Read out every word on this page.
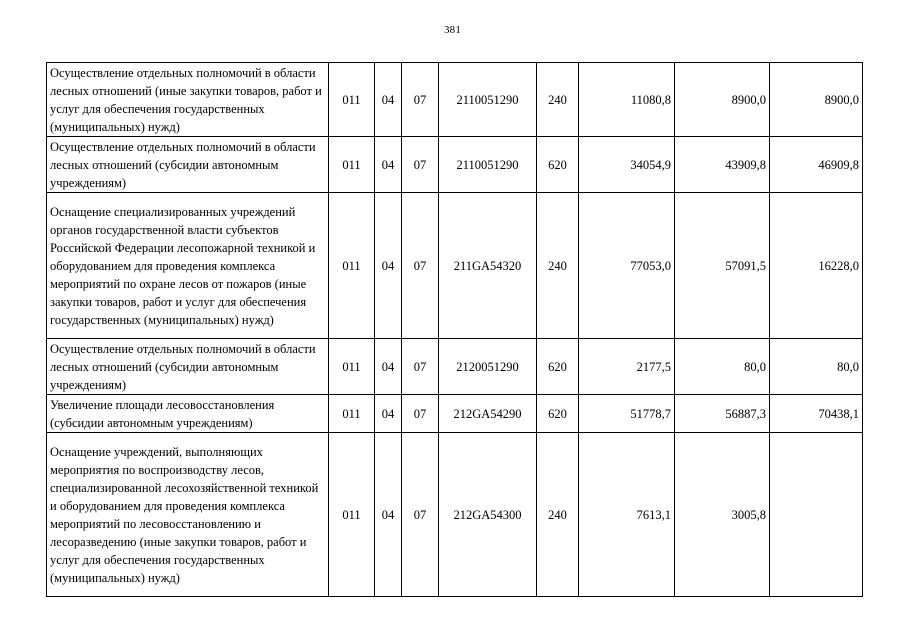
381
Осуществление отдельных полномочий в области лесных отношений (иные закупки товаров, работ и услуг для обеспечения государственных (муниципальных) нужд)	011	04	07	2110051290	240	11080,8	8900,0	8900,0
Осуществление отдельных полномочий в области лесных отношений (субсидии автономным учреждениям)	011	04	07	2110051290	620	34054,9	43909,8	46909,8
Оснащение специализированных учреждений органов государственной власти субъектов Российской Федерации лесопожарной техникой и оборудованием для проведения комплекса мероприятий по охране лесов от пожаров (иные закупки товаров, работ и услуг для обеспечения государственных (муниципальных) нужд)	011	04	07	211GA54320	240	77053,0	57091,5	16228,0
Осуществление отдельных полномочий в области лесных отношений (субсидии автономным учреждениям)	011	04	07	2120051290	620	2177,5	80,0	80,0
Увеличение площади лесовосстановления (субсидии автономным учреждениям)	011	04	07	212GA54290	620	51778,7	56887,3	70438,1
Оснащение учреждений, выполняющих мероприятия по воспроизводству лесов, специализированной лесохозяйственной техникой и оборудованием для проведения комплекса мероприятий по лесовосстановлению и лесоразведению (иные закупки товаров, работ и услуг для обеспечения государственных (муниципальных) нужд)	011	04	07	212GA54300	240	7613,1	3005,8	
